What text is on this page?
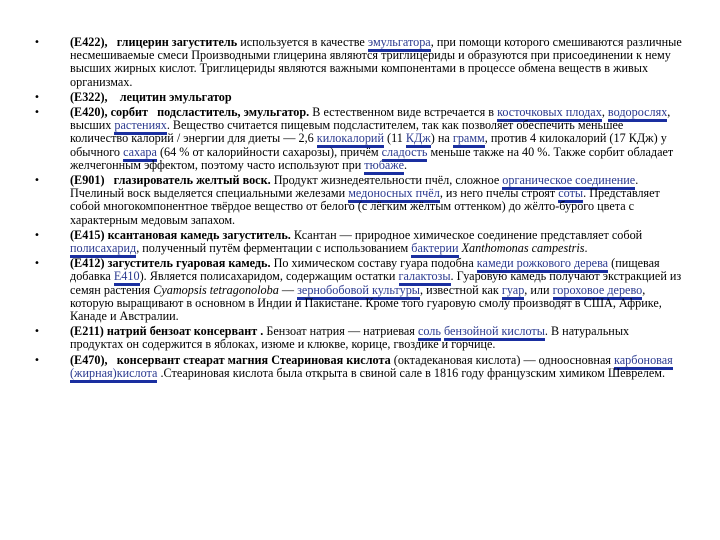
• (E422), глицерин загуститель используется в качестве эмульгатора, при помощи которого смешиваются различные несмешиваемые смеси Производными глицерина являются триглицериды и образуются при присоединении к нему высших жирных кислот. Триглицериды являются важными компонентами в процессе обмена веществ в живых организмах.
• (E322), лецитин эмульгатор
• (E420), сорбит подсластитель, эмульгатор. В естественном виде встречается в косточковых плодах, водорослях, высших растениях. Вещество считается пищевым подсластителем, так как позволяет обеспечить меньшее количество калорий / энергии для диеты — 2,6 килокалорий (11 КДж) на грамм, против 4 килокалорий (17 КДж) у обычного сахара (64 % от калорийности сахарозы), причём сладость меньше также на 40 %. Также сорбит обладает желчегонным эффектом, поэтому часто используют при тюбаже.
• (E901) глазирователь желтый воск. Продукт жизнедеятельности пчёл, сложное органическое соединение. Пчелиный воск выделяется специальными железами медоносных пчёл, из него пчелы строят соты. Представляет собой многокомпонентное твёрдое вещество от белого (с лёгким жёлтым оттенком) до жёлто-бурого цвета с характерным медовым запахом.
• (E415) ксантановая камедь загуститель. Ксантан — природное химическое соединение представляет собой полисахарид, полученный путём ферментации с использованием бактерии Xanthomonas campestris.
• (E412) загуститель гуаровая камедь. По химическом составу гуара подобна камеди рожкового дерева (пищевая добавка E410). Является полисахаридом, содержащим остатки галактозы. Гуаровую камедь получают экстракцией из семян растения Cyamopsis tetragonoloba — зернобобовой культуры, известной как гуар, или гороховое дерево, которую выращивают в основном в Индии и Пакистане. Кроме того гуаровую смолу производят в США, Африке, Канаде и Австралии.
• (E211) натрий бензоат консервант . Бензоат натрия — натриевая соль бензойной кислоты. В натуральных продуктах он содержится в яблоках, изюме и клюкве, корице, гвоздике и горчице.
• (E470), консервант стеарат магния Стеариновая кислота (октадекановая кислота) — одноосновная карбоновая (жирная)кислота .Стеариновая кислота была открыта в свиной сале в 1816 году французским химиком Шеврелем.
